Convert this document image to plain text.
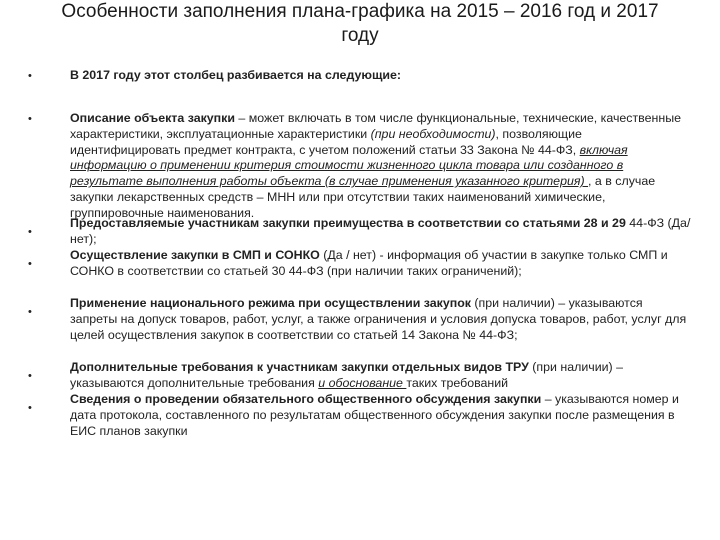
Особенности заполнения плана-графика на 2015 – 2016 год и 2017
году
•	В 2017 году этот столбец разбивается на следующие:
•	Описание объекта закупки – может включать в том числе функциональные, технические, качественные характеристики, эксплуатационные характеристики (при необходимости), позволяющие идентифицировать предмет контракта, с учетом положений статьи 33 Закона № 44-ФЗ, включая информацию о применении критерия стоимости жизненного цикла товара или созданного в результате выполнения работы объекта (в случае применения указанного критерия) , а в случае закупки лекарственных средств – МНН или при отсутствии таких наименований химические, группировочные наименования.
•
Предоставляемые участникам закупки преимущества в соответствии со статьями 28 и 29 44-ФЗ (Да/нет);
•
Осуществление закупки в СМП и СОНКО (Да / нет) - информация об участии в закупке только СМП и СОНКО в соответствии со статьей 30 44-ФЗ (при наличии таких ограничений);
•
Применение национального режима при осуществлении закупок (при наличии) – указываются запреты на допуск товаров, работ, услуг, а также ограничения и условия допуска товаров, работ, услуг для целей осуществления закупок в соответствии со статьей 14 Закона № 44-ФЗ;
•
Дополнительные требования к участникам закупки отдельных видов ТРУ (при наличии) – указываются дополнительные требования и обоснование таких требований
•
Сведения о проведении обязательного общественного обсуждения закупки – указываются номер и дата протокола, составленного по результатам общественного обсуждения закупки после размещения в ЕИС планов закупки
